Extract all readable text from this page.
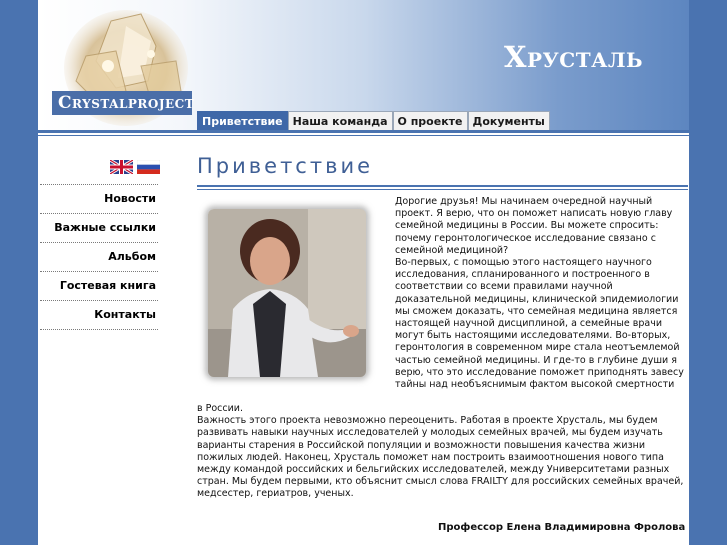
Crystalproject
Хрусталь
Приветствие Наша команда О проекте Документы
Новости
Важные ссылки
Альбом
Гостевая книга
Контакты
Приветствие

Дорогие друзья! Мы начинаем очередной научный проект. Я верю, что он поможет написать новую главу семейной медицины в России. Вы можете спросить: почему геронтологическое исследование связано с семейной медициной?

Во-первых, с помощью этого настоящего научного исследования, спланированного и построенного в соответствии со всеми правилами научной доказательной медицины, клинической эпидемиологии мы сможем доказать, что семейная медицина является настоящей научной дисциплиной, а семейные врачи могут быть настоящими исследователями. Во-вторых, геронтология в современном мире стала неотъемлемой частью семейной медицины. И где-то в глубине души я верю, что это исследование поможет приподнять завесу тайны над необъяснимым фактом высокой смертности

в России.

Важность этого проекта невозможно переоценить. Работая в проекте Хрусталь, мы будем развивать навыки научных исследователей у молодых семейных врачей, мы будем изучать варианты старения в Российской популяции и возможности повышения качества жизни пожилых людей. Наконец, Хрусталь поможет нам построить взаимоотношения нового типа между командой российских и бельгийских исследователей, между Университетами разных стран. Мы будем первыми, кто объяснит смысл слова FRAILTY для российских семейных врачей, медсестер, гериатров, ученых.

Профессор Елена Владимировна Фролова
